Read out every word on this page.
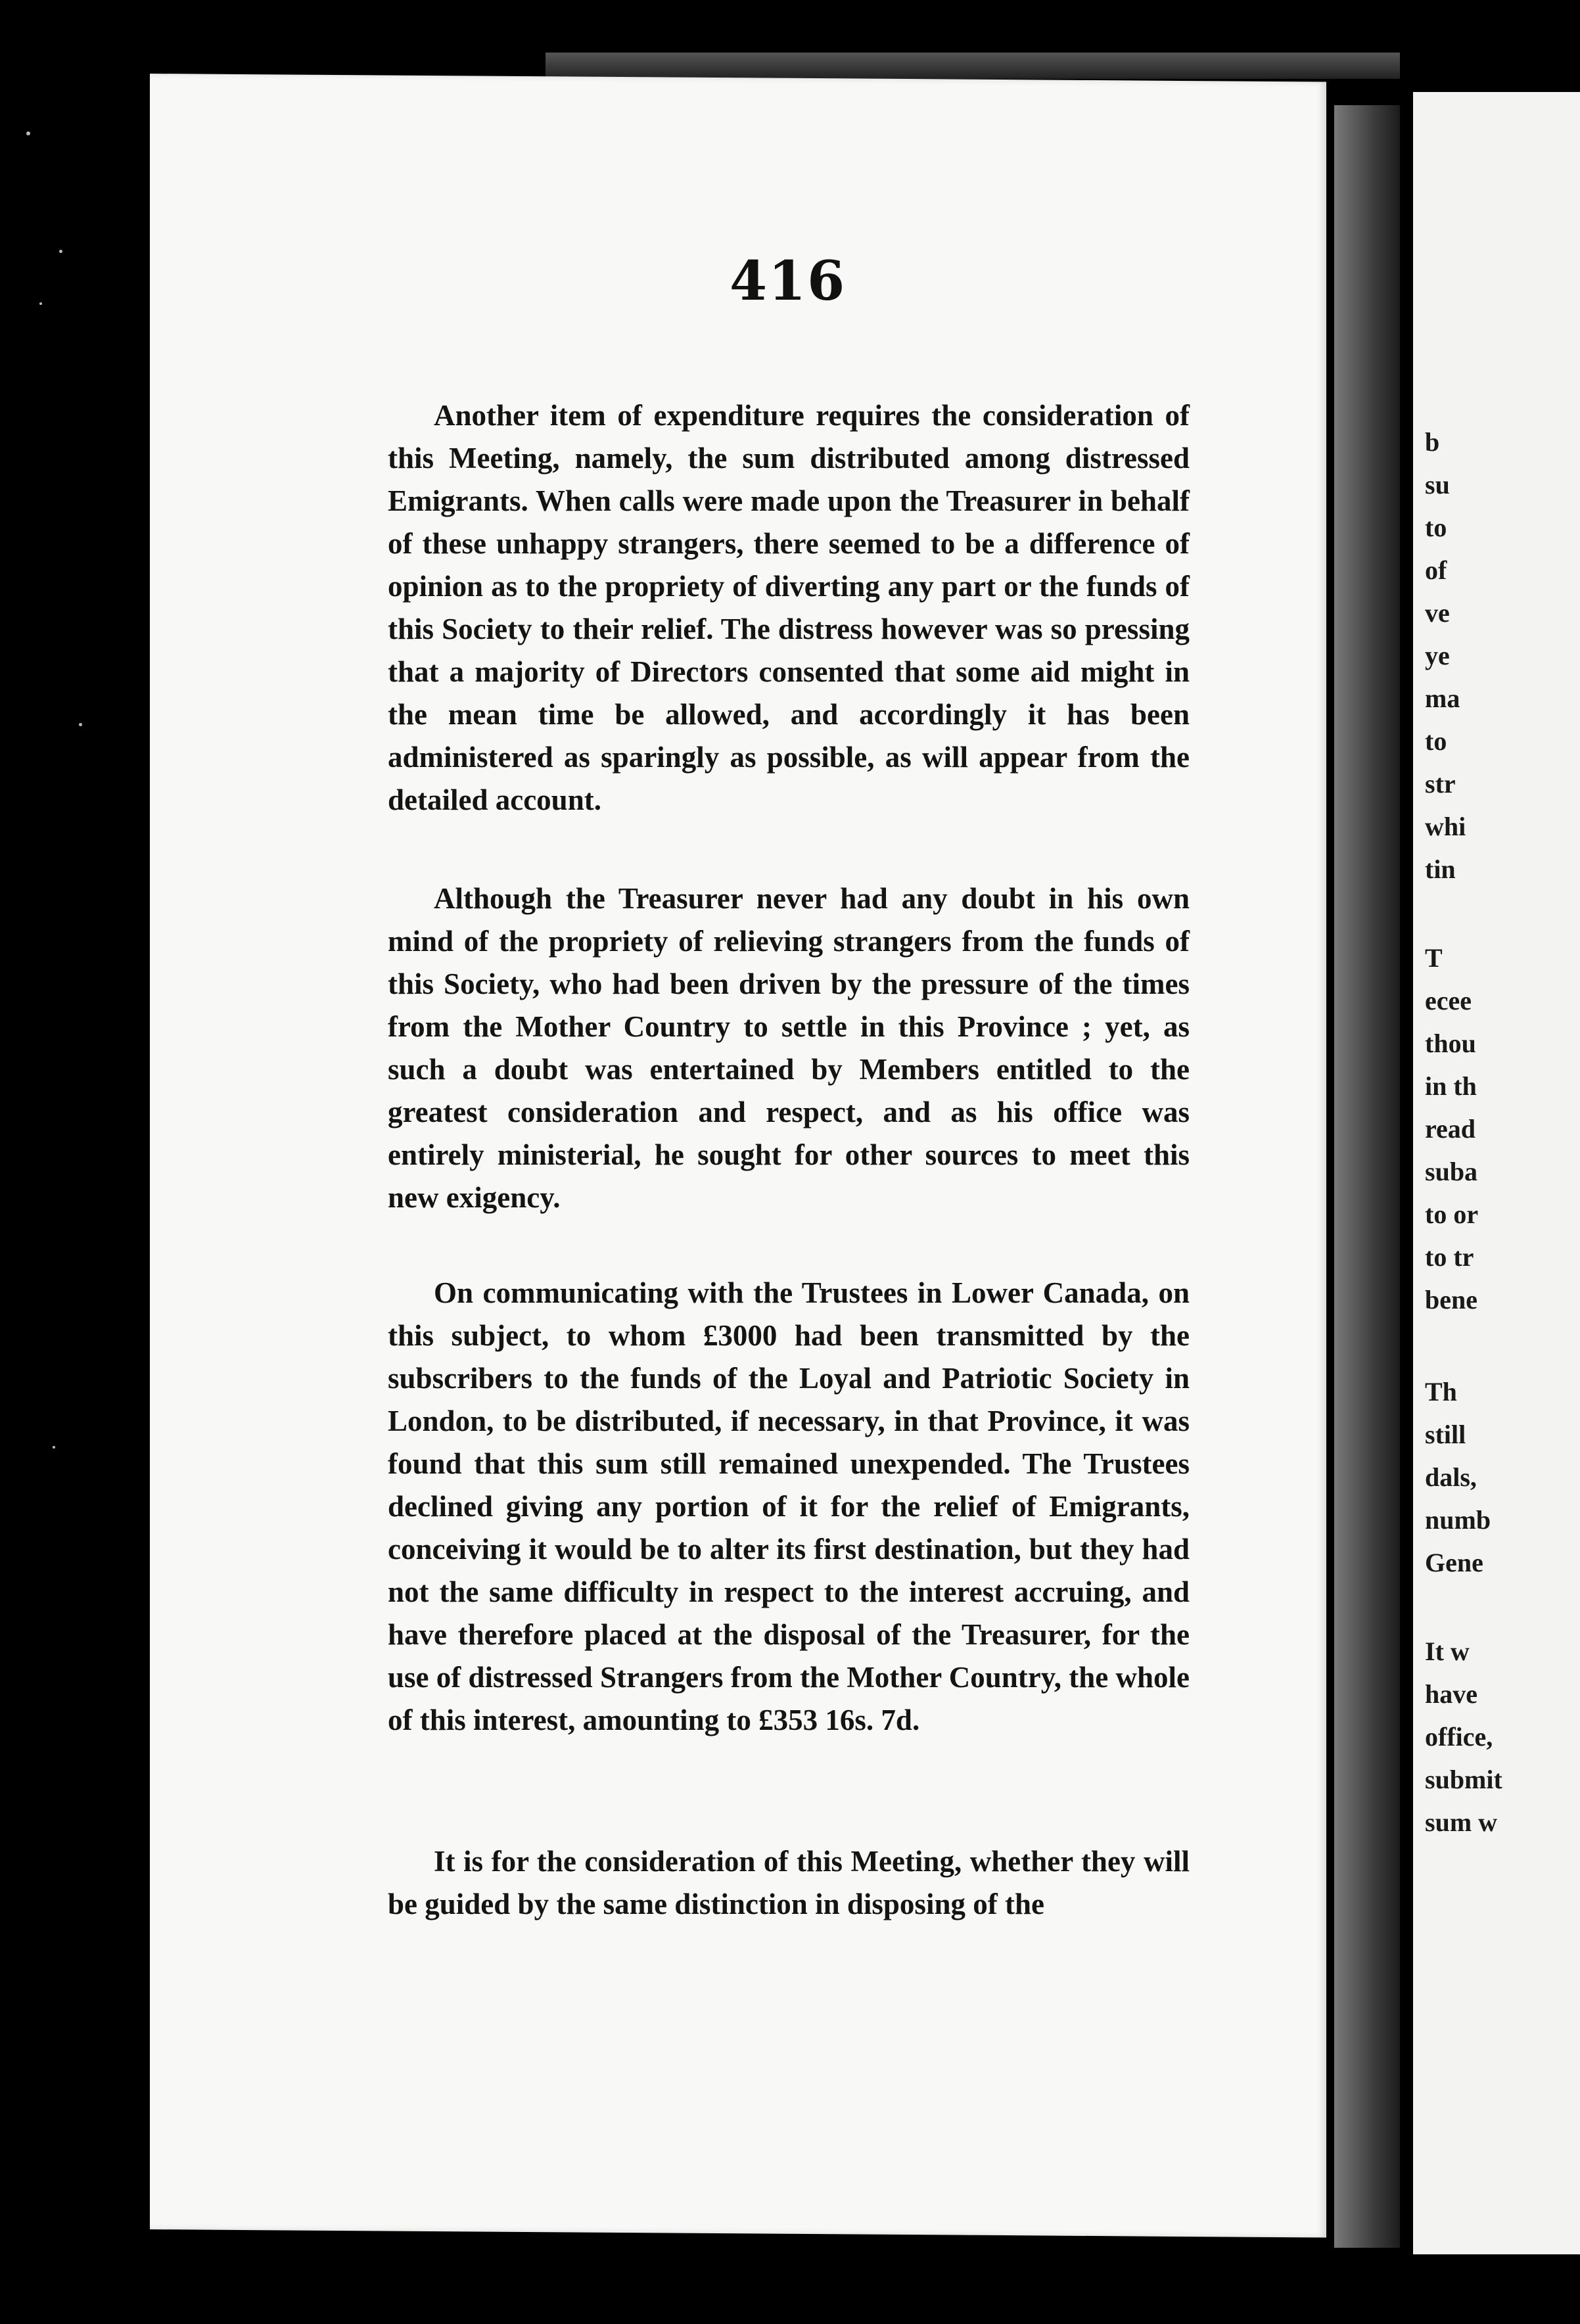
416

Another item of expenditure requires the consideration of this Meeting, namely, the sum distributed among distressed Emigrants. When calls were made upon the Treasurer in behalf of these unhappy strangers, there seemed to be a difference of opinion as to the propriety of diverting any part or the funds of this Society to their relief. The distress however was so pressing that a majority of Directors consented that some aid might in the mean time be allowed, and accordingly it has been administered as sparingly as possible, as will appear from the detailed account.

Although the Treasurer never had any doubt in his own mind of the propriety of relieving strangers from the funds of this Society, who had been driven by the pressure of the times from the Mother Country to settle in this Province ; yet, as such a doubt was entertained by Members entitled to the greatest consideration and respect, and as his office was entirely ministerial, he sought for other sources to meet this new exigency.

On communicating with the Trustees in Lower Canada, on this subject, to whom £3000 had been transmitted by the subscribers to the funds of the Loyal and Patriotic Society in London, to be distributed, if necessary, in that Province, it was found that this sum still remained unexpended. The Trustees declined giving any portion of it for the relief of Emigrants, conceiving it would be to alter its first destination, but they had not the same difficulty in respect to the interest accruing, and have therefore placed at the disposal of the Treasurer, for the use of distressed Strangers from the Mother Country, the whole of this interest, amounting to £353 16s. 7d.

It is for the consideration of this Meeting, whether they will be guided by the same distinction in disposing of the

b
su
to
of
ve
ye
ma
to
str
whi
tin
T
ecee
thou
in th
read
suba
to or
to tr
bene
Th
still
dals,
numb
Gene
It w
have
office,
submit
sum w
